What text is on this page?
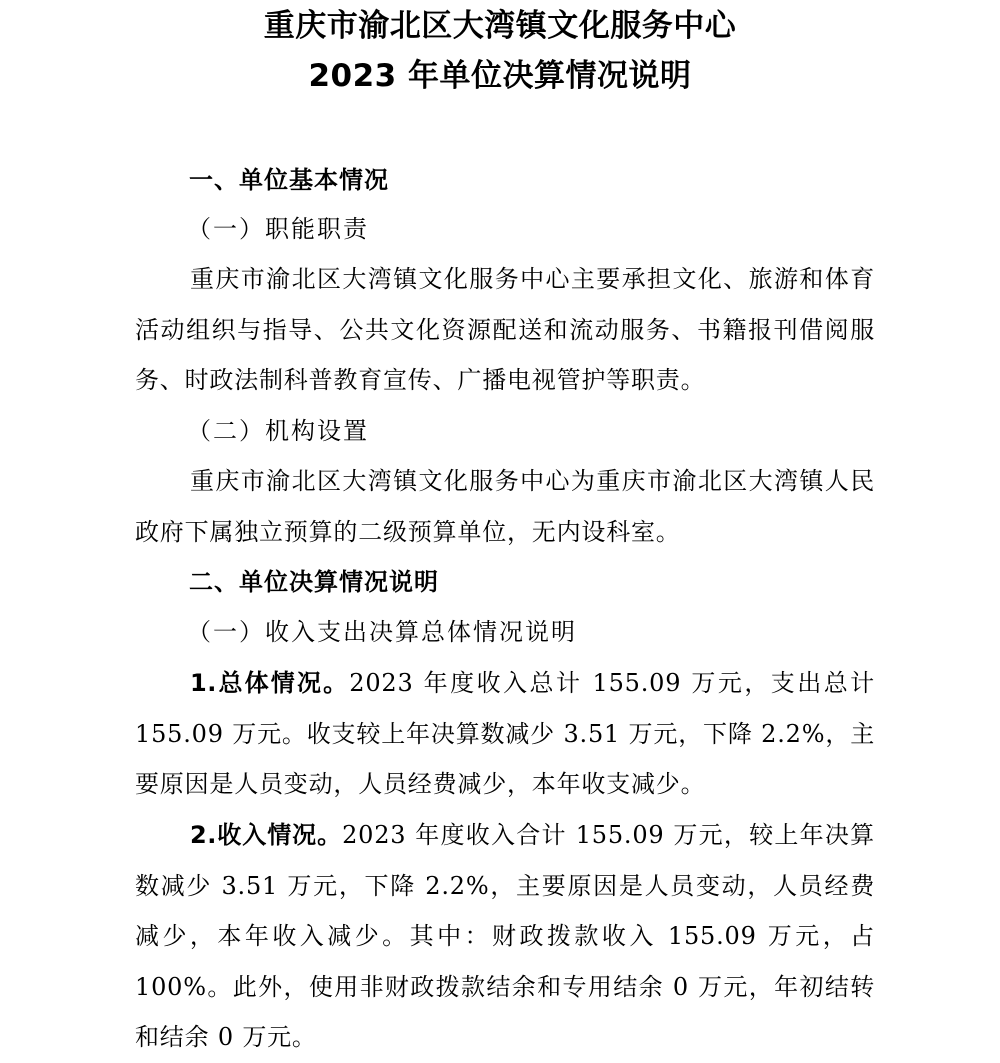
重庆市渝北区大湾镇文化服务中心
2023 年单位决算情况说明
一、单位基本情况
（一）职能职责

重庆市渝北区大湾镇文化服务中心主要承担文化、旅游和体育活动组织与指导、公共文化资源配送和流动服务、书籍报刊借阅服务、时政法制科普教育宣传、广播电视管护等职责。

（二）机构设置

重庆市渝北区大湾镇文化服务中心为重庆市渝北区大湾镇人民政府下属独立预算的二级预算单位，无内设科室。

二、单位决算情况说明
（一）收入支出决算总体情况说明

1.总体情况。2023 年度收入总计 155.09 万元，支出总计 155.09 万元。收支较上年决算数减少 3.51 万元，下降 2.2%，主要原因是人员变动，人员经费减少，本年收支减少。

2.收入情况。2023 年度收入合计 155.09 万元，较上年决算数减少 3.51 万元，下降 2.2%，主要原因是人员变动，人员经费减少，本年收入减少。其中：财政拨款收入 155.09 万元，占 100%。此外，使用非财政拨款结余和专用结余 0 万元，年初结转和结余 0 万元。
